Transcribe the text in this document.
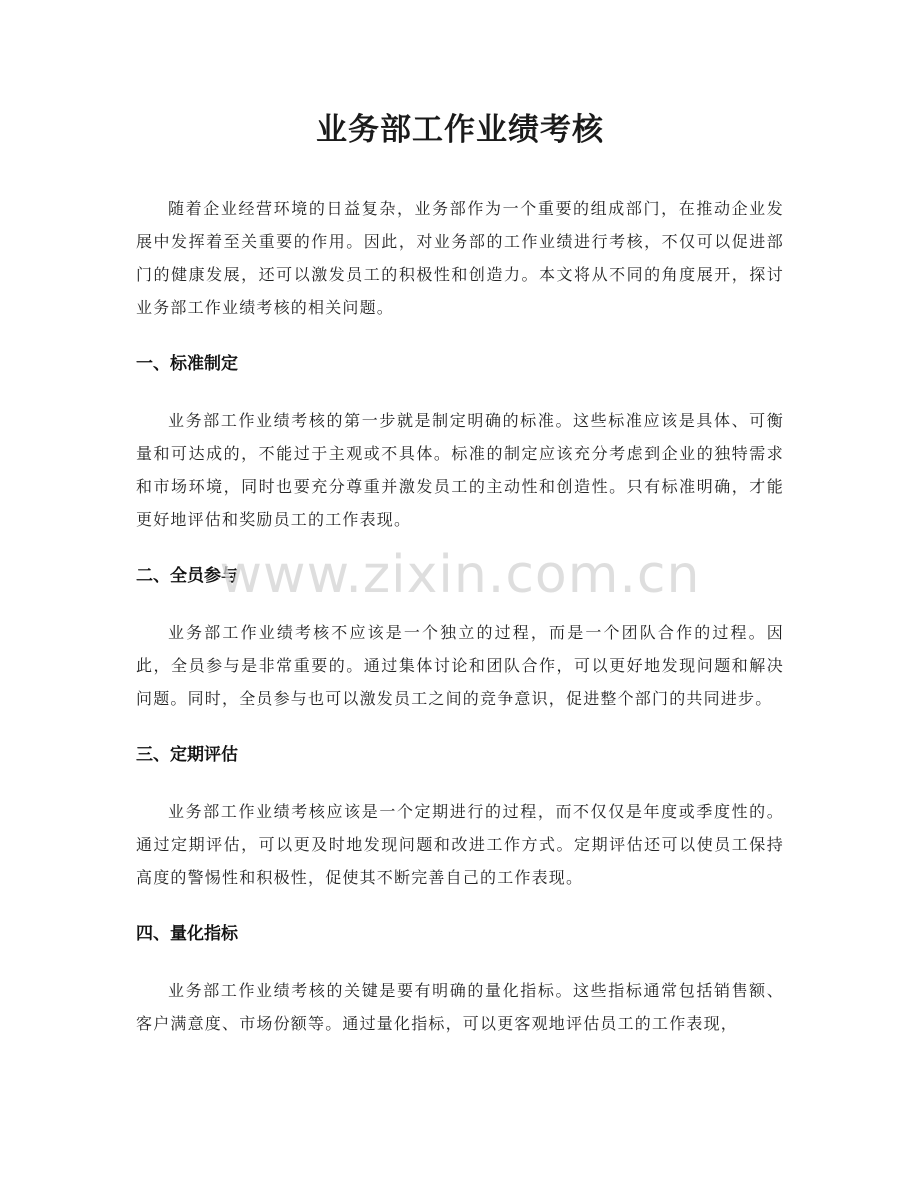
业务部工作业绩考核

随着企业经营环境的日益复杂，业务部作为一个重要的组成部门，在推动企业发展中发挥着至关重要的作用。因此，对业务部的工作业绩进行考核，不仅可以促进部门的健康发展，还可以激发员工的积极性和创造力。本文将从不同的角度展开，探讨业务部工作业绩考核的相关问题。

一、标准制定

业务部工作业绩考核的第一步就是制定明确的标准。这些标准应该是具体、可衡量和可达成的，不能过于主观或不具体。标准的制定应该充分考虑到企业的独特需求和市场环境，同时也要充分尊重并激发员工的主动性和创造性。只有标准明确，才能更好地评估和奖励员工的工作表现。

二、全员参与

业务部工作业绩考核不应该是一个独立的过程，而是一个团队合作的过程。因此，全员参与是非常重要的。通过集体讨论和团队合作，可以更好地发现问题和解决问题。同时，全员参与也可以激发员工之间的竞争意识，促进整个部门的共同进步。

三、定期评估

业务部工作业绩考核应该是一个定期进行的过程，而不仅仅是年度或季度性的。通过定期评估，可以更及时地发现问题和改进工作方式。定期评估还可以使员工保持高度的警惕性和积极性，促使其不断完善自己的工作表现。

四、量化指标

业务部工作业绩考核的关键是要有明确的量化指标。这些指标通常包括销售额、客户满意度、市场份额等。通过量化指标，可以更客观地评估员工的工作表现，

www.zixin.com.cn
